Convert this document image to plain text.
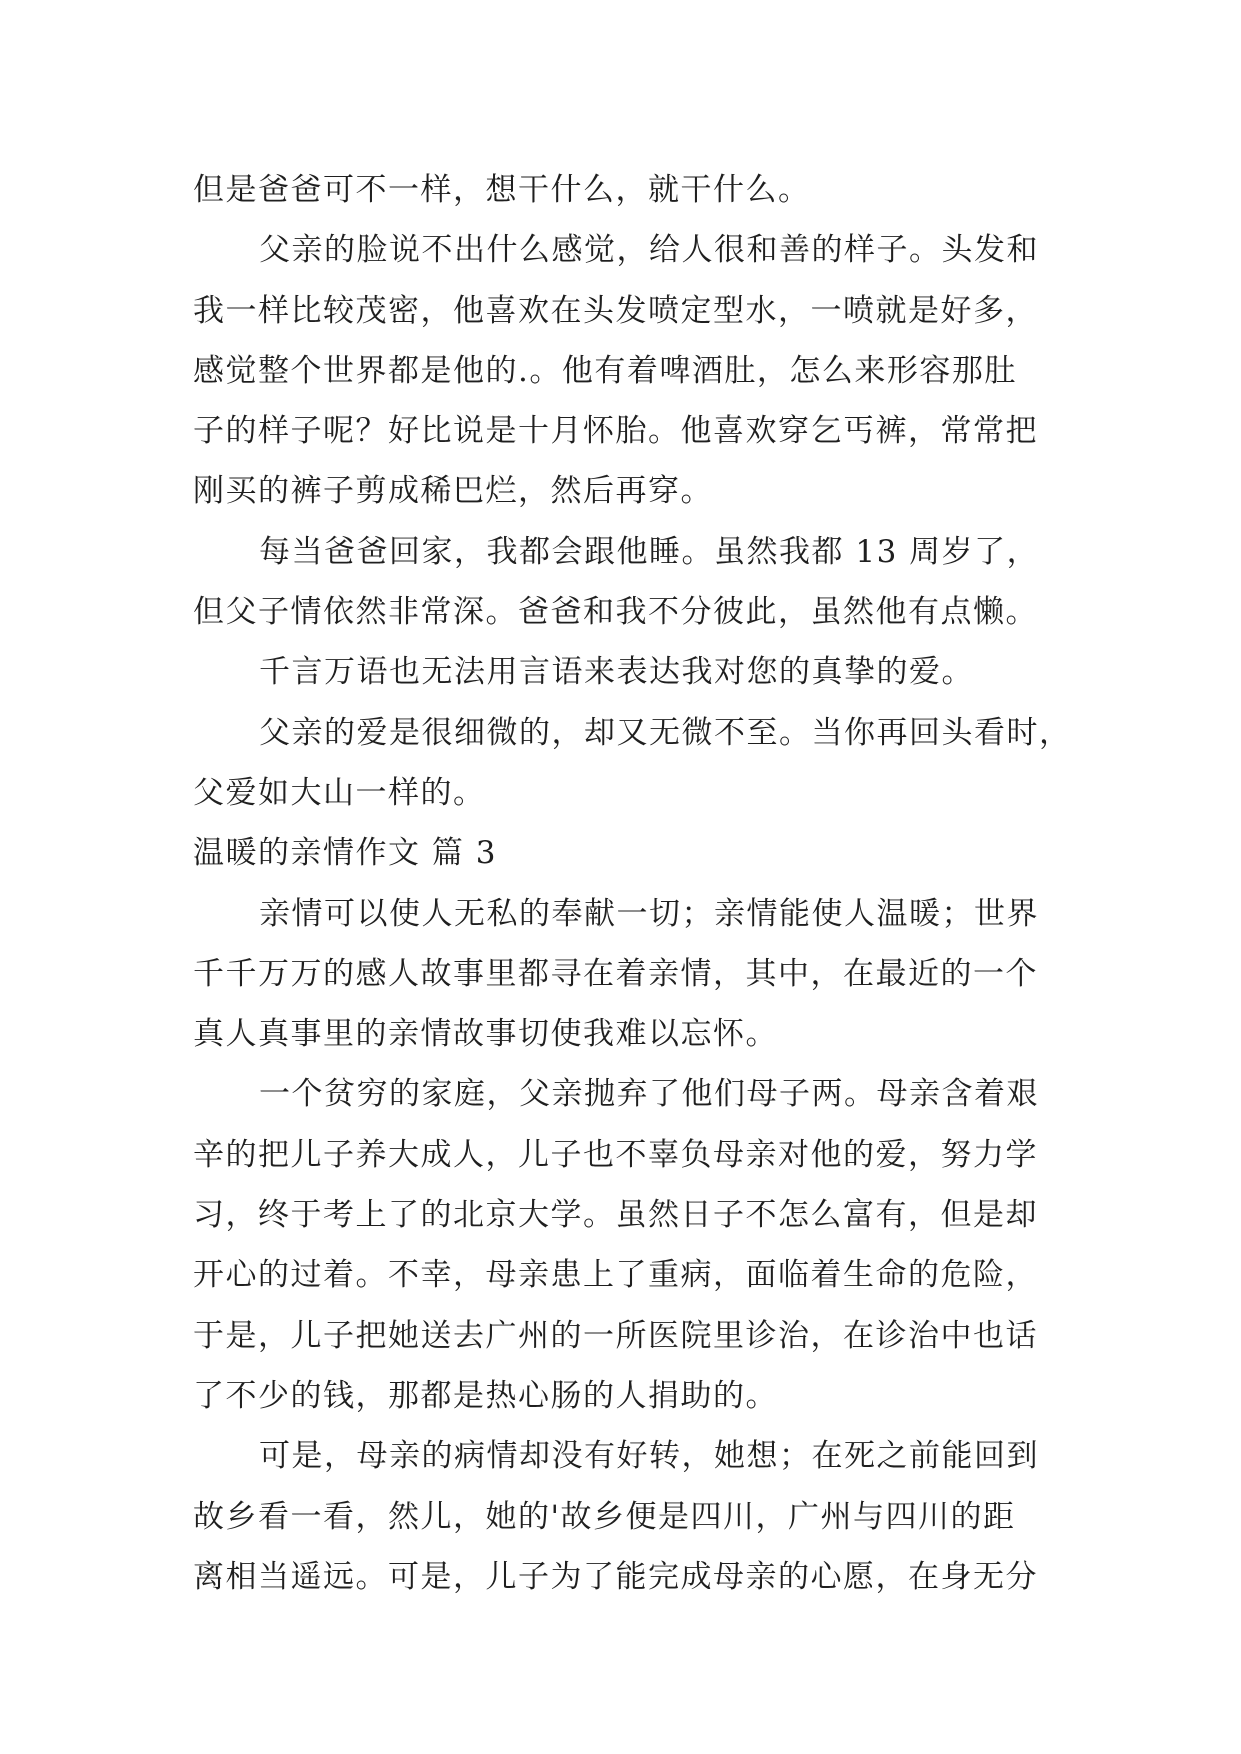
但是爸爸可不一样，想干什么，就干什么。
父亲的脸说不出什么感觉，给人很和善的样子。头发和
我一样比较茂密，他喜欢在头发喷定型水，一喷就是好多，
感觉整个世界都是他的.。他有着啤酒肚，怎么来形容那肚
子的样子呢？好比说是十月怀胎。他喜欢穿乞丐裤，常常把
刚买的裤子剪成稀巴烂，然后再穿。
每当爸爸回家，我都会跟他睡。虽然我都 13 周岁了，
但父子情依然非常深。爸爸和我不分彼此，虽然他有点懒。
千言万语也无法用言语来表达我对您的真挚的爱。
父亲的爱是很细微的，却又无微不至。当你再回头看时，
父爱如大山一样的。
温暖的亲情作文 篇 3
亲情可以使人无私的奉献一切；亲情能使人温暖；世界
千千万万的感人故事里都寻在着亲情，其中，在最近的一个
真人真事里的亲情故事切使我难以忘怀。
一个贫穷的家庭，父亲抛弃了他们母子两。母亲含着艰
辛的把儿子养大成人，儿子也不辜负母亲对他的爱，努力学
习，终于考上了的北京大学。虽然日子不怎么富有，但是却
开心的过着。不幸，母亲患上了重病，面临着生命的危险，
于是，儿子把她送去广州的一所医院里诊治，在诊治中也话
了不少的钱，那都是热心肠的人捐助的。
可是，母亲的病情却没有好转，她想；在死之前能回到
故乡看一看，然儿，她的'故乡便是四川，广州与四川的距
离相当遥远。可是，儿子为了能完成母亲的心愿，在身无分
